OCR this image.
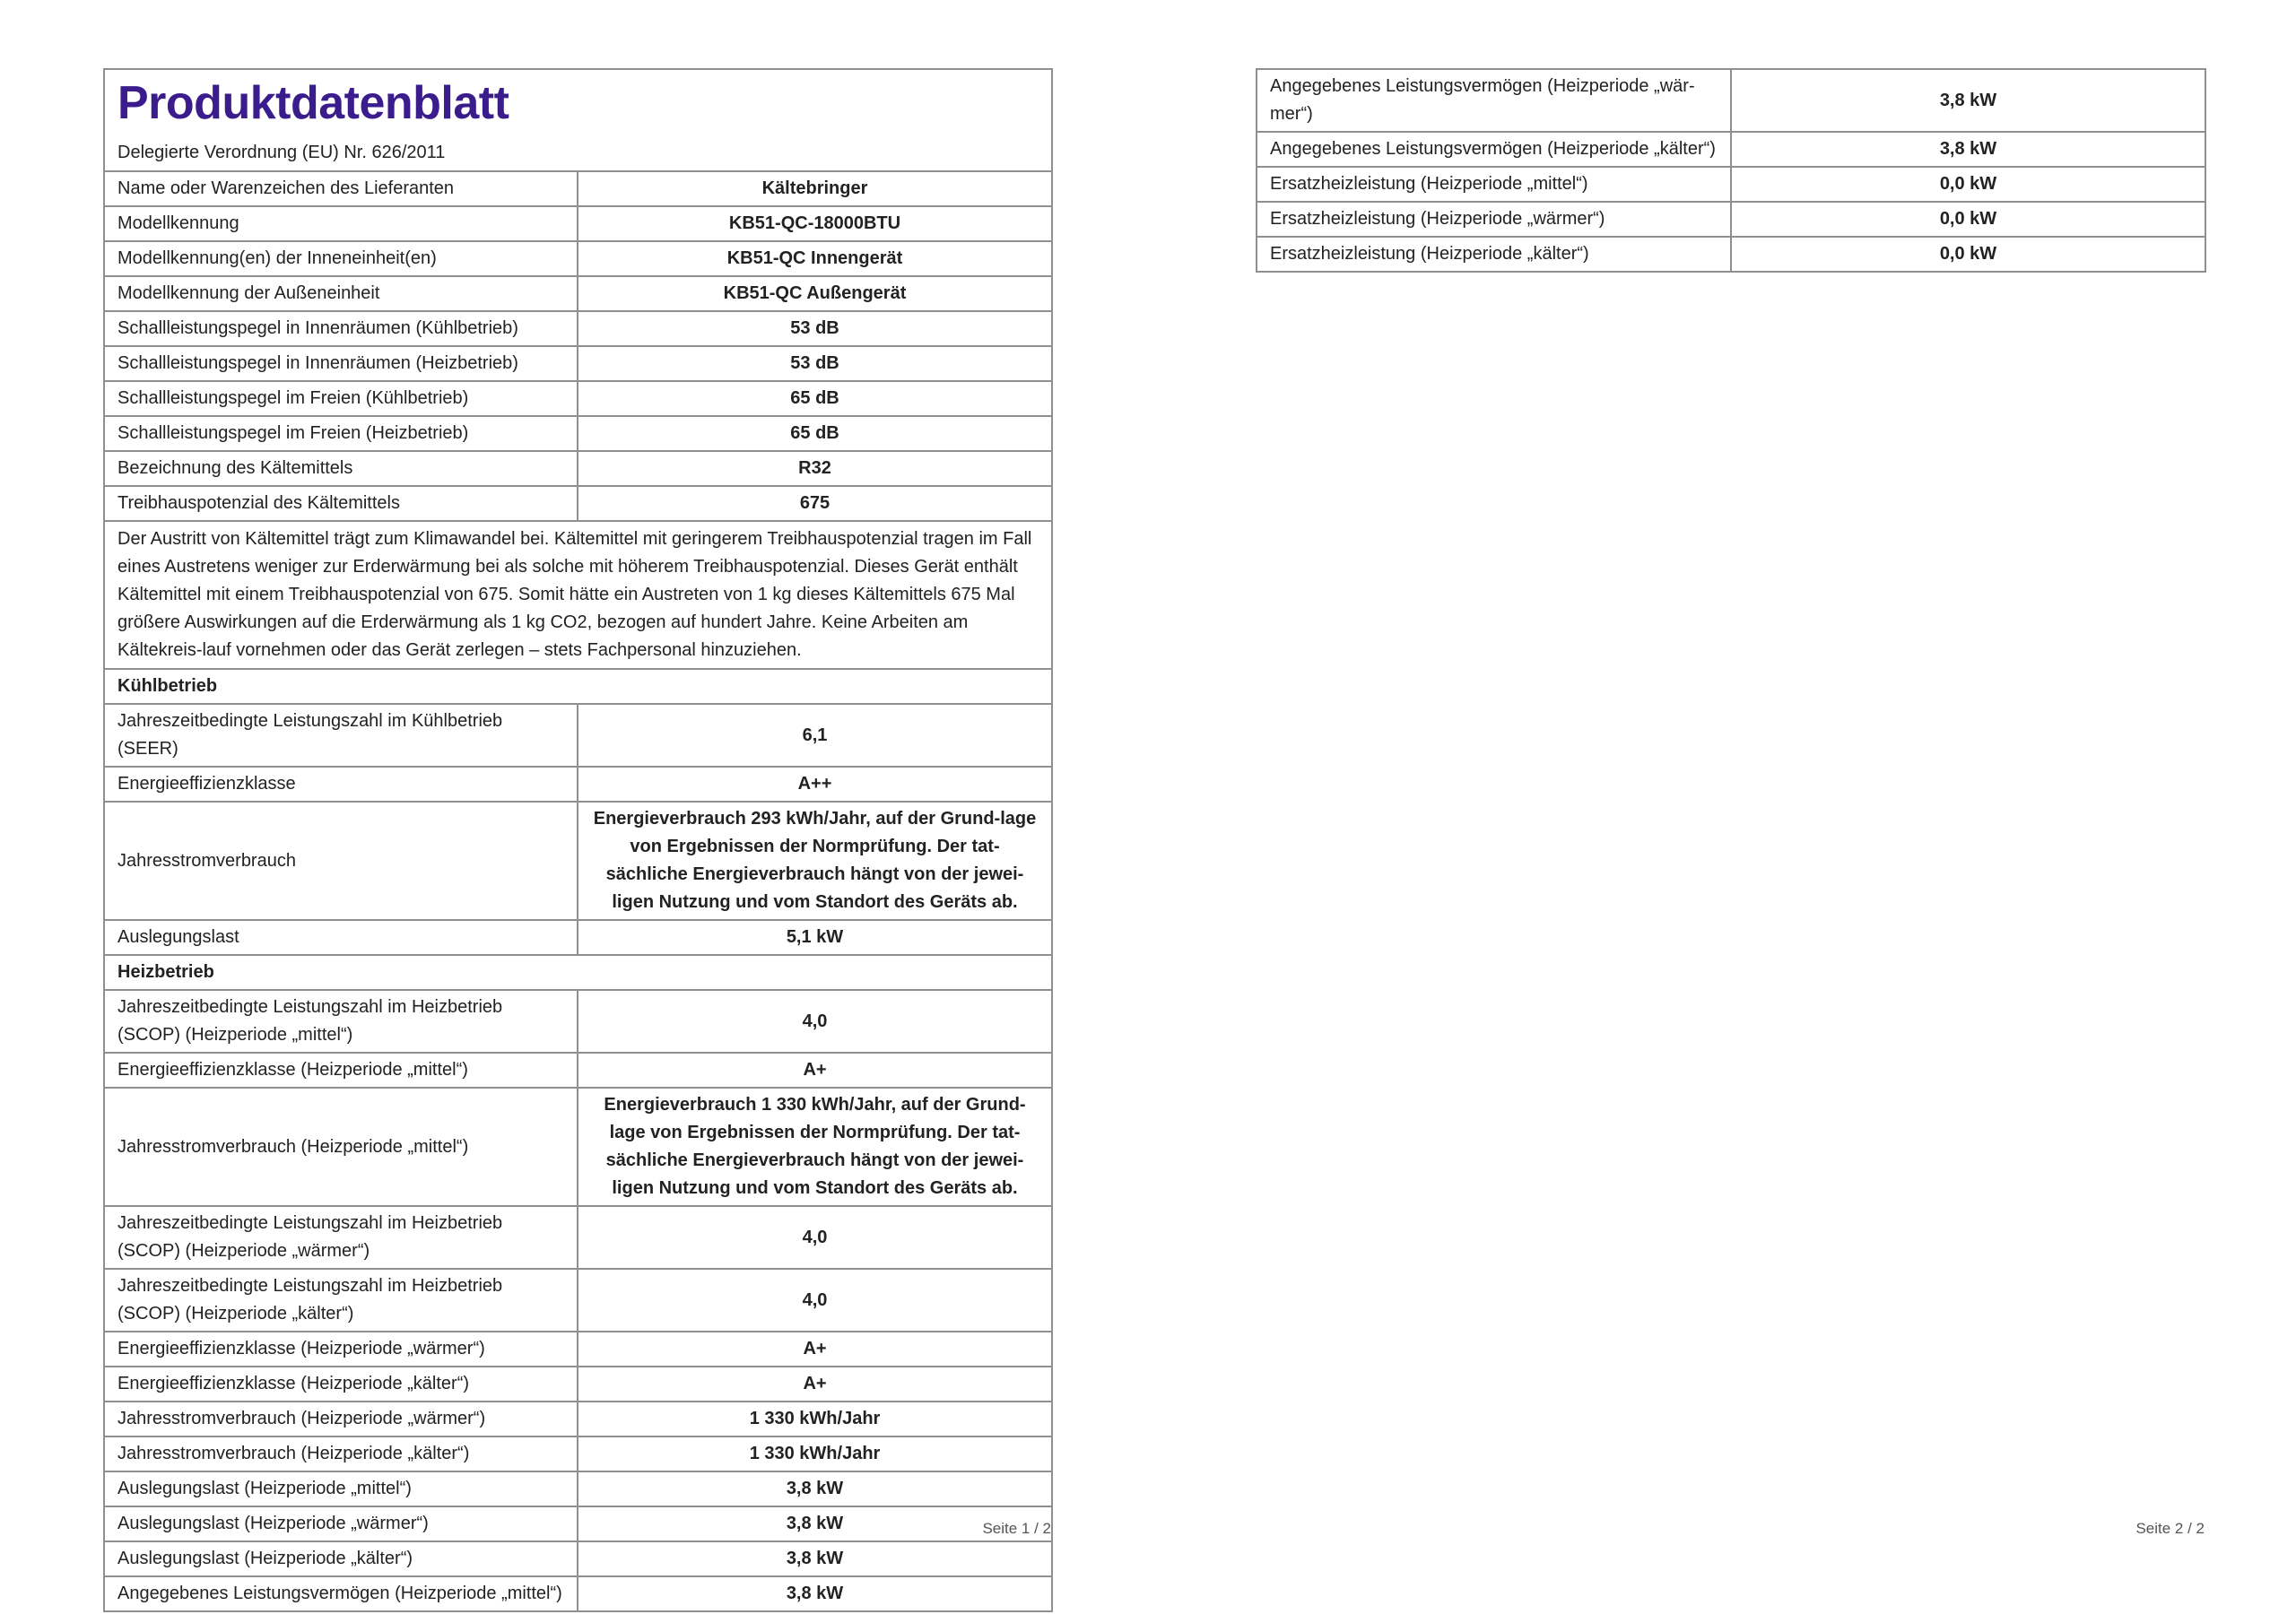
Produktdatenblatt
Delegierte Verordnung (EU) Nr. 626/2011	

Name oder Warenzeichen des Lieferanten	Kältebringer
Modellkennung	KB51-QC-18000BTU
Modellkennung(en) der Inneneinheit(en)	KB51-QC Innengerät
Modellkennung der Außeneinheit	KB51-QC Außengerät
Schallleistungspegel in Innenräumen (Kühlbetrieb)	53 dB
Schallleistungspegel in Innenräumen (Heizbetrieb)	53 dB
Schallleistungspegel im Freien (Kühlbetrieb)	65 dB
Schallleistungspegel im Freien (Heizbetrieb)	65 dB
Bezeichnung des Kältemittels	R32
Treibhauspotenzial des Kältemittels	675
Der Austritt von Kältemittel trägt zum Klimawandel bei. Kältemittel mit geringerem Treibhauspotenzial tragen im Fall eines Austretens weniger zur Erderwärmung bei als solche mit höherem Treibhauspotenzial. Dieses Gerät enthält Kältemittel mit einem Treibhauspotenzial von 675. Somit hätte ein Austreten von 1 kg dieses Kältemittels 675 Mal größere Auswirkungen auf die Erderwärmung als 1 kg CO2, bezogen auf hundert Jahre. Keine Arbeiten am Kältekreis-lauf vornehmen oder das Gerät zerlegen – stets Fachpersonal hinzuziehen.	
Kühlbetrieb	
Jahreszeitbedingte Leistungszahl im Kühlbetrieb (SEER)	6,1
Energieeffizienzklasse	A++
Jahresstromverbrauch	Energieverbrauch 293 kWh/Jahr, auf der Grund-lage von Ergebnissen der Normprüfung. Der tat-sächliche Energieverbrauch hängt von der jewei-ligen Nutzung und vom Standort des Geräts ab.
Auslegungslast	5,1 kW
Heizbetrieb	
Jahreszeitbedingte Leistungszahl im Heizbetrieb (SCOP) (Heizperiode „mittel“)	4,0
Energieeffizienzklasse (Heizperiode „mittel“)	A+
Jahresstromverbrauch (Heizperiode „mittel“)	Energieverbrauch 1 330 kWh/Jahr, auf der Grund-lage von Ergebnissen der Normprüfung. Der tat-sächliche Energieverbrauch hängt von der jewei-ligen Nutzung und vom Standort des Geräts ab.
Jahreszeitbedingte Leistungszahl im Heizbetrieb (SCOP) (Heizperiode „wärmer“)	4,0
Jahreszeitbedingte Leistungszahl im Heizbetrieb (SCOP) (Heizperiode „kälter“)	4,0
Energieeffizienzklasse (Heizperiode „wärmer“)	A+
Energieeffizienzklasse (Heizperiode „kälter“)	A+
Jahresstromverbrauch (Heizperiode „wärmer“)	1 330 kWh/Jahr
Jahresstromverbrauch (Heizperiode „kälter“)	1 330 kWh/Jahr
Auslegungslast (Heizperiode „mittel“)	3,8 kW
Auslegungslast (Heizperiode „wärmer“)	3,8 kW
Auslegungslast (Heizperiode „kälter“)	3,8 kW
Angegebenes Leistungsvermögen (Heizperiode „mittel“)	3,8 kW
Seite 1 / 2
Angegebenes Leistungsvermögen (Heizperiode „wär-mer“)	3,8 kW
Angegebenes Leistungsvermögen (Heizperiode „kälter“)	3,8 kW
Ersatzheizleistung (Heizperiode „mittel“)	0,0 kW
Ersatzheizleistung (Heizperiode „wärmer“)	0,0 kW
Ersatzheizleistung (Heizperiode „kälter“)	0,0 kW
Seite 2 / 2
